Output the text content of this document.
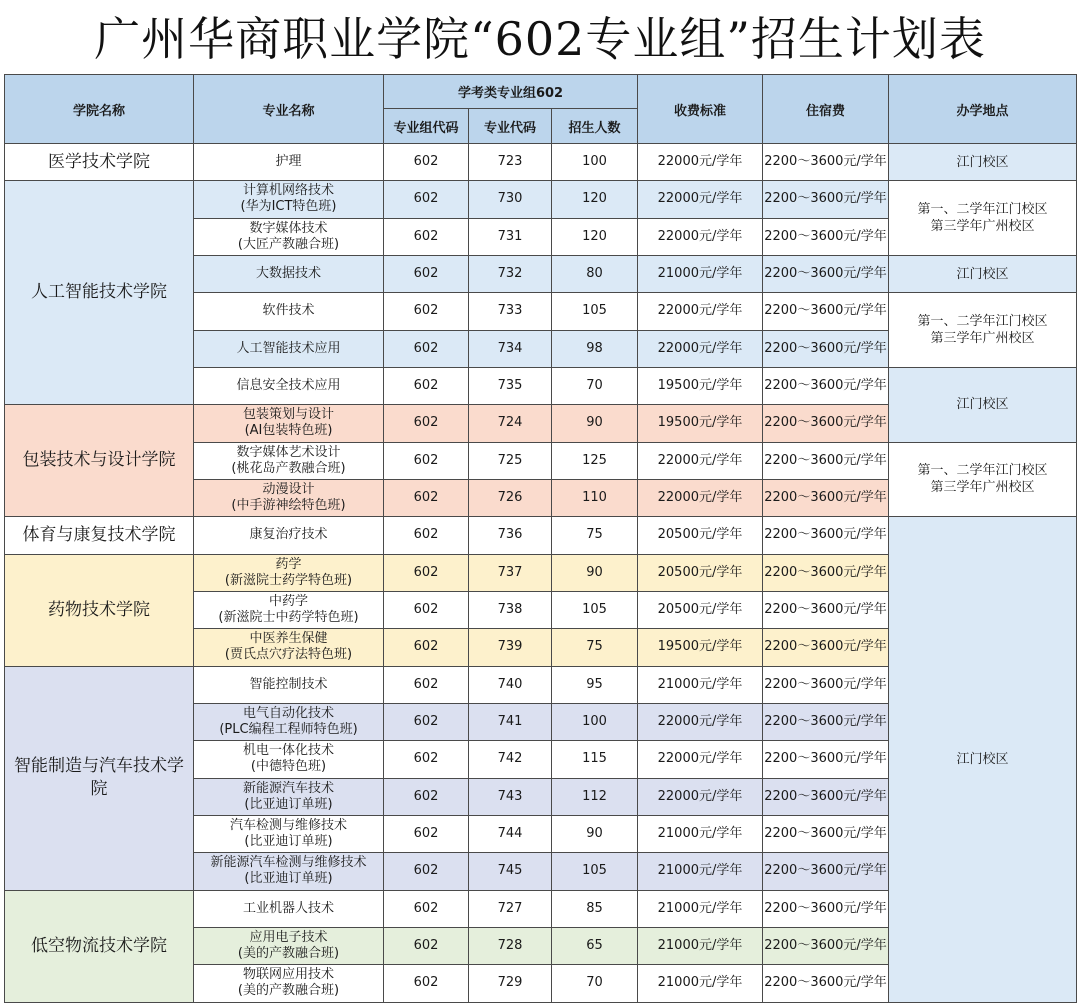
广州华商职业学院“602专业组”招生计划表
学院名称	专业名称	学考类专业组602			收费标准	住宿费	办学地点
		专业组代码	专业代码	招生人数			
医学技术学院	护理	602	723	100	22000元/学年	2200～3600元/学年	江门校区

人工智能技术学院	计算机网络技术
(华为ICT特色班)	602	730	120	22000元/学年	2200～3600元/学年	第一、二学年江门校区
第三学年广州校区

	数字媒体技术
(大匠产教融合班)	602	731	120	22000元/学年	2200～3600元/学年	

	大数据技术	602	732	80	21000元/学年	2200～3600元/学年	江门校区

	软件技术	602	733	105	22000元/学年	2200～3600元/学年	第一、二学年江门校区
第三学年广州校区

	人工智能技术应用	602	734	98	22000元/学年	2200～3600元/学年	

	信息安全技术应用	602	735	70	19500元/学年	2200～3600元/学年	江门校区

包装技术与设计学院	包装策划与设计
(AI包装特色班)	602	724	90	19500元/学年	2200～3600元/学年	

	数字媒体艺术设计
(桃花岛产教融合班)	602	725	125	22000元/学年	2200～3600元/学年	第一、二学年江门校区
第三学年广州校区

	动漫设计
(中手游神绘特色班)	602	726	110	22000元/学年	2200～3600元/学年	
体育与康复技术学院	康复治疗技术	602	736	75	20500元/学年	2200～3600元/学年	江门校区

药物技术学院	药学
(新滋院士药学特色班)	602	737	90	20500元/学年	2200～3600元/学年	

	中药学
(新滋院士中药学特色班)	602	738	105	20500元/学年	2200～3600元/学年	

	中医养生保健
(贾氏点穴疗法特色班)	602	739	75	19500元/学年	2200～3600元/学年	
智能制造与汽车技术学院	智能控制技术	602	740	95	21000元/学年	2200～3600元/学年	

	电气自动化技术
(PLC编程工程师特色班)	602	741	100	22000元/学年	2200～3600元/学年	

	机电一体化技术
(中德特色班)	602	742	115	22000元/学年	2200～3600元/学年	

	新能源汽车技术
(比亚迪订单班)	602	743	112	22000元/学年	2200～3600元/学年	

	汽车检测与维修技术
(比亚迪订单班)	602	744	90	21000元/学年	2200～3600元/学年	

	新能源汽车检测与维修技术
(比亚迪订单班)	602	745	105	21000元/学年	2200～3600元/学年	
低空物流技术学院	工业机器人技术	602	727	85	21000元/学年	2200～3600元/学年	

	应用电子技术
(美的产教融合班)	602	728	65	21000元/学年	2200～3600元/学年	

	物联网应用技术
(美的产教融合班)	602	729	70	21000元/学年	2200～3600元/学年	
